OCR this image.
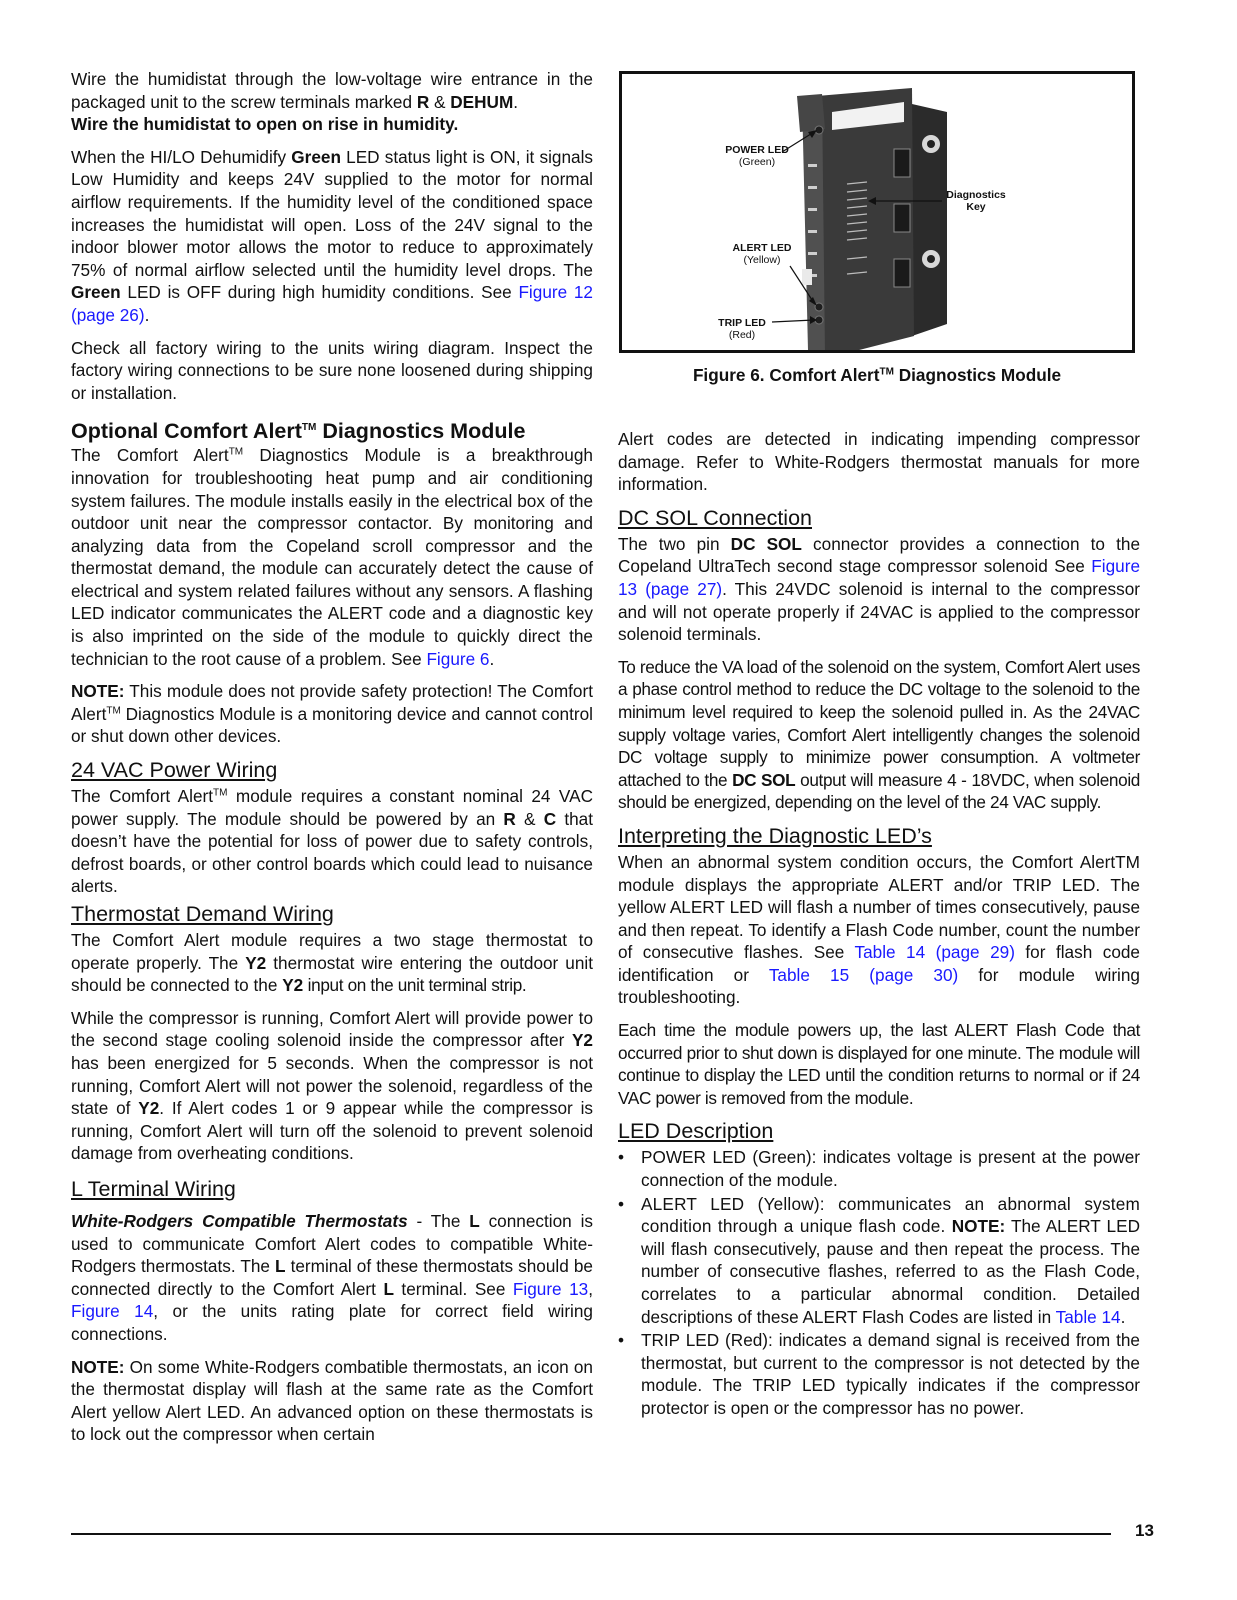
Wire the humidistat through the low-voltage wire entrance in the packaged unit to the screw terminals marked R & DEHUM.
Wire the humidistat to open on rise in humidity.

When the HI/LO Dehumidify Green LED status light is ON, it signals Low Humidity and keeps 24V supplied to the motor for normal airflow requirements. If the humidity level of the conditioned space increases the humidistat will open. Loss of the 24V signal to the indoor blower motor allows the motor to reduce to approximately 75% of normal airflow selected until the humidity level drops. The Green LED is OFF during high humidity conditions. See Figure 12 (page 26).

Check all factory wiring to the units wiring diagram. Inspect the factory wiring connections to be sure none loosened during shipping or installation.

Optional Comfort Alert™ Diagnostics Module

The Comfort Alert™ Diagnostics Module is a breakthrough innovation for troubleshooting heat pump and air conditioning system failures. The module installs easily in the electrical box of the outdoor unit near the compressor contactor. By monitoring and analyzing data from the Copeland scroll compressor and the thermostat demand, the module can accurately detect the cause of electrical and system related failures without any sensors. A flashing LED indicator communicates the ALERT code and a diagnostic key is also imprinted on the side of the module to quickly direct the technician to the root cause of a problem. See Figure 6.

NOTE: This module does not provide safety protection! The Comfort Alert™ Diagnostics Module is a monitoring device and cannot control or shut down other devices.

24 VAC Power Wiring

The Comfort Alert™ module requires a constant nominal 24 VAC power supply. The module should be powered by an R & C that doesn’t have the potential for loss of power due to safety controls, defrost boards, or other control boards which could lead to nuisance alerts.

Thermostat Demand Wiring

The Comfort Alert module requires a two stage thermostat to operate properly. The Y2 thermostat wire entering the outdoor unit should be connected to the Y2 input on the unit terminal strip.

While the compressor is running, Comfort Alert will provide power to the second stage cooling solenoid inside the compressor after Y2 has been energized for 5 seconds. When the compressor is not running, Comfort Alert will not power the solenoid, regardless of the state of Y2. If Alert codes 1 or 9 appear while the compressor is running, Comfort Alert will turn off the solenoid to prevent solenoid damage from overheating conditions.

L Terminal Wiring

White-Rodgers Compatible Thermostats - The L connection is used to communicate Comfort Alert codes to compatible White-Rodgers thermostats. The L terminal of these thermostats should be connected directly to the Comfort Alert L terminal. See Figure 13, Figure 14, or the units rating plate for correct field wiring connections.

NOTE: On some White-Rodgers combatible thermostats, an icon on the thermostat display will flash at the same rate as the Comfort Alert yellow Alert LED. An advanced option on these thermostats is to lock out the compressor when certain

POWER LED
(Green)
ALERT LED
(Yellow)
TRIP LED
(Red)
Diagnostics
Key
Figure 6. Comfort Alert™ Diagnostics Module

Alert codes are detected in indicating impending compressor damage. Refer to White-Rodgers thermostat manuals for more information.

DC SOL Connection

The two pin DC SOL connector provides a connection to the Copeland UltraTech second stage compressor solenoid See Figure 13 (page 27). This 24VDC solenoid is internal to the compressor and will not operate properly if 24VAC is applied to the compressor solenoid terminals.

To reduce the VA load of the solenoid on the system, Comfort Alert uses a phase control method to reduce the DC voltage to the solenoid to the minimum level required to keep the solenoid pulled in. As the 24VAC supply voltage varies, Comfort Alert intelligently changes the solenoid DC voltage supply to minimize power consumption. A voltmeter attached to the DC SOL output will measure 4 - 18VDC, when solenoid should be energized, depending on the level of the 24 VAC supply.

Interpreting the Diagnostic LED’s

When an abnormal system condition occurs, the Comfort AlertTM module displays the appropriate ALERT and/or TRIP LED. The yellow ALERT LED will flash a number of times consecutively, pause and then repeat. To identify a Flash Code number, count the number of consecutive flashes. See Table 14 (page 29) for flash code identification or Table 15 (page 30) for module wiring troubleshooting.

Each time the module powers up, the last ALERT Flash Code that occurred prior to shut down is displayed for one minute. The module will continue to display the LED until the condition returns to normal or if 24 VAC power is removed from the module.

LED Description
• POWER LED (Green): indicates voltage is present at the power connection of the module.
• ALERT LED (Yellow): communicates an abnormal system condition through a unique flash code. NOTE: The ALERT LED will flash consecutively, pause and then repeat the process. The number of consecutive flashes, referred to as the Flash Code, correlates to a particular abnormal condition. Detailed descriptions of these ALERT Flash Codes are listed in Table 14.
• TRIP LED (Red): indicates a demand signal is received from the thermostat, but current to the compressor is not detected by the module. The TRIP LED typically indicates if the compressor protector is open or the compressor has no power.
13
